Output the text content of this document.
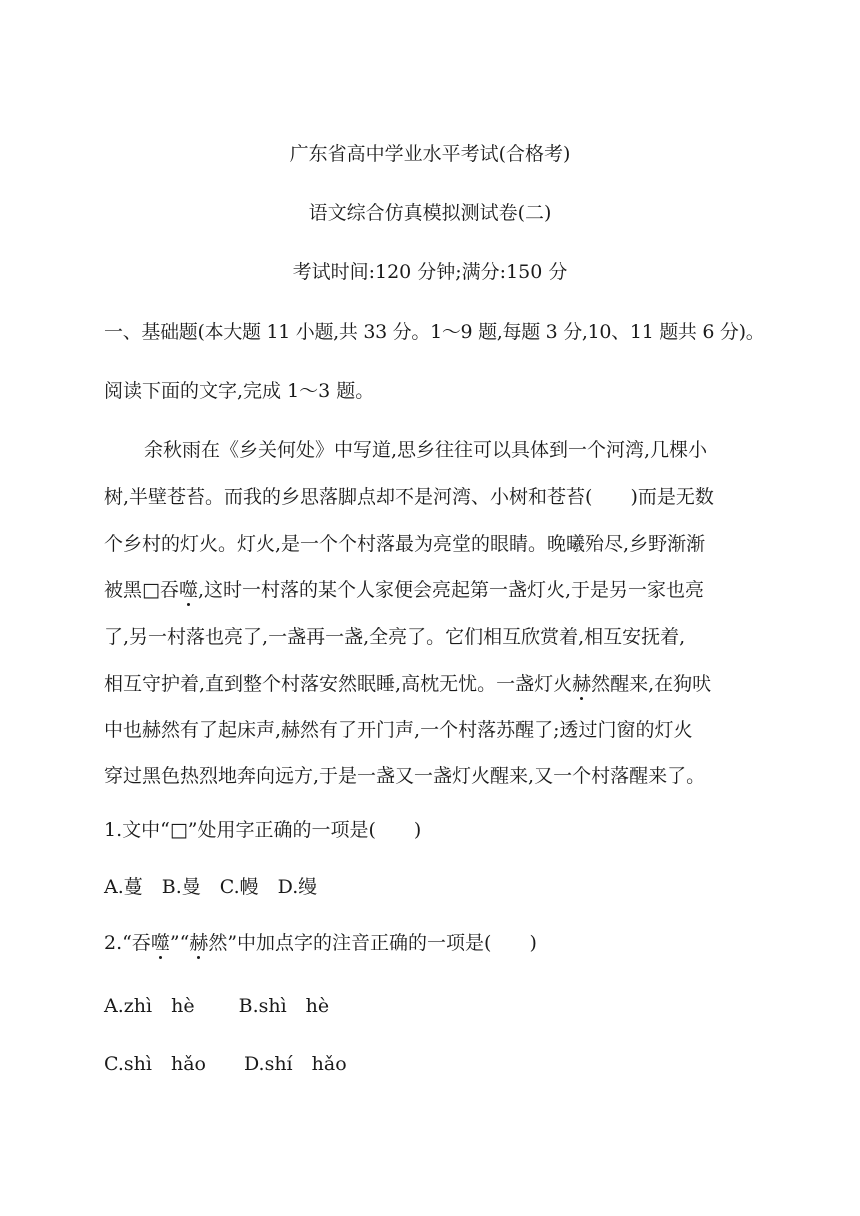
广东省高中学业水平考试(合格考)
语文综合仿真模拟测试卷(二)
考试时间:120 分钟;满分:150 分
一、基础题(本大题 11 小题,共 33 分。1～9 题,每题 3 分,10、11 题共 6 分)。
阅读下面的文字,完成 1～3 题。
余秋雨在《乡关何处》中写道,思乡往往可以具体到一个河湾,几棵小
树,半壁苍苔。而我的乡思落脚点却不是河湾、小树和苍苔(　　)而是无数
个乡村的灯火。灯火,是一个个村落最为亮堂的眼睛。晚曦殆尽,乡野渐渐
被黑□吞噬,这时一村落的某个人家便会亮起第一盏灯火,于是另一家也亮
了,另一村落也亮了,一盏再一盏,全亮了。它们相互欣赏着,相互安抚着,
相互守护着,直到整个村落安然眠睡,高枕无忧。一盏灯火赫然醒来,在狗吠
中也赫然有了起床声,赫然有了开门声,一个村落苏醒了;透过门窗的灯火
穿过黑色热烈地奔向远方,于是一盏又一盏灯火醒来,又一个村落醒来了。
1.文中“□”处用字正确的一项是(　　)
A.蔓　B.曼　C.幔　D.缦
2.“吞噬”“赫然”中加点字的注音正确的一项是(　　)
A.zhì　hè　　 B.shì　hè
C.shì　hǎo　　D.shí　hǎo
